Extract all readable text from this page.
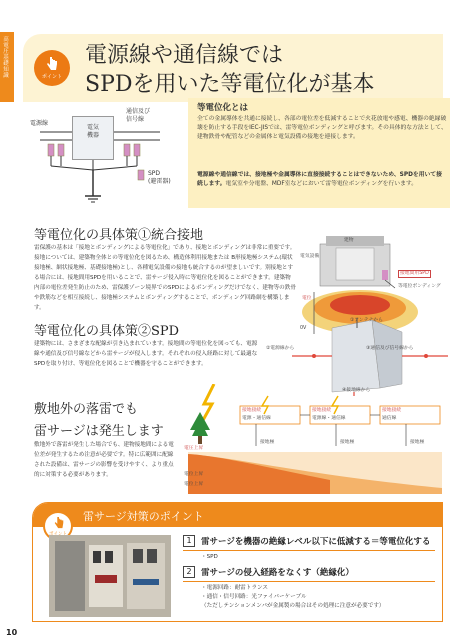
高電圧基礎知識	ポイント
電源線や通信線では
SPDを用いた等電位化が基本
電気
機器
電源線
通信及び
信号線
SPD
(避雷器)
等電位化とは
全ての金属導体を共通に接続し、各部の電位差を低減することで火花放電や感電、機器の絶縁破壊を防止する手段をIEC-JISでは、雷等電位ボンディングと呼びます。その具体的な方法として、建物鉄骨や配管などの金属体と電気設備の接地を連接します。
電源線や通信線では、接地極や金属導体に直接接続することはできないため、SPDを用いて接続します。電気室や分電盤、MDF室などにおいて雷等電位ボンディングを行います。
等電位化の具体策①統合接地
雷保護の基本は「接地とボンディングによる等電位化」であり、接地とボンディングは非常に重要です。接地については、建築物全体との等電位化を図るため、構造体利用接地または B形接地極システム(環状接地極、網状接地極、基礎接地極)とし、各種電気設備の接地も統合するのが望ましいです。別接地とする場合には、接地間用SPDを用いることで、雷サージ侵入時に等電位化を図ることができます。建築物内部の電位差発生防止のため、雷保護ゾーン境界でのSPDによるボンディングだけでなく、建物等の鉄骨や鉄筋などを相互接続し、接地極システムとボンディングすることで、ボンディング回路網を構築します。
建物
電気設備
接地間用SPD
等電位ボンディング
電位
0V
等電位化の具体策②SPD
建築物には、さまざまな配線が引き込まれています。接地間の等電位化を図っても、電源線や通信及び信号線などから雷サージが侵入します。それぞれの侵入経路に対して最適なSPDを取り付け、等電位化を図ることで機器を守ることができます。
①アンテナから
②電源線から	③通信及び信号線から
④接地線から
敷地外の落雷でも
雷サージは発生します
敷地外で落雷が発生した場合でも、建物接地間による電位差が発生するため注意が必要です。特に広範囲に配線された設備は、雷サージの影響を受けやすく、より重点的に対策する必要があります。
接地接続
電源・通信線
接地接続
電源線・通信線
接地接続
通信線
接地極	接地極	接地極
電圧上昇
電位上昇
電位上昇
雷サージ対策のポイント
1	雷サージを機器の絶縁レベル以下に低減する＝等電位化する
・SPD
2	雷サージの侵入経路をなくす（絶縁化）
・電源回路：耐雷トランス
・通信・信号回路：光ファイバーケーブル
（ただしテンションメンバが金属製の場合はその処理に注意が必要です）
10
